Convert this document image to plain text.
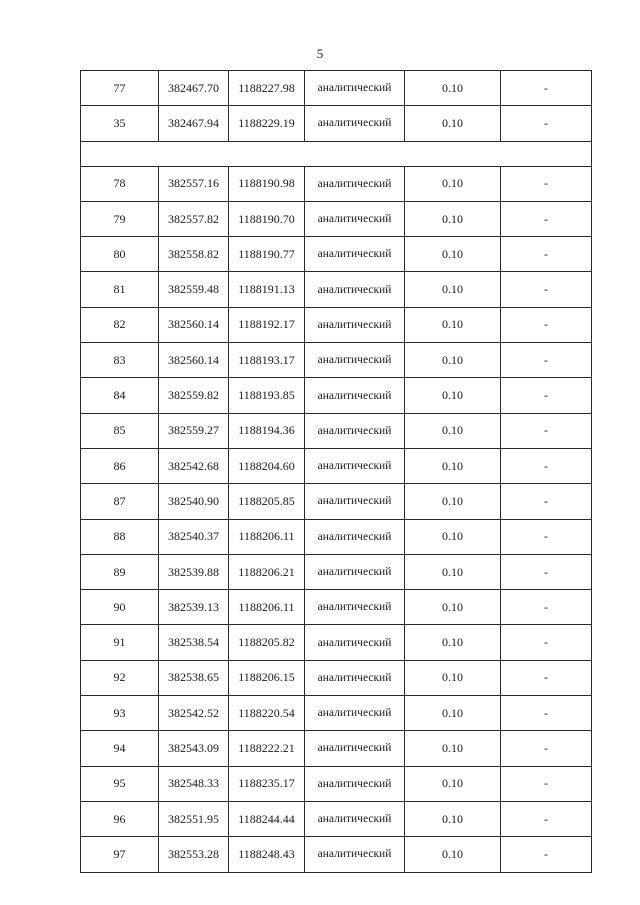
5
77	382467.70	1188227.98	аналитический	0.10	-
35	382467.94	1188229.19	аналитический	0.10	-

78	382557.16	1188190.98	аналитический	0.10	-
79	382557.82	1188190.70	аналитический	0.10	-
80	382558.82	1188190.77	аналитический	0.10	-
81	382559.48	1188191.13	аналитический	0.10	-
82	382560.14	1188192.17	аналитический	0.10	-
83	382560.14	1188193.17	аналитический	0.10	-
84	382559.82	1188193.85	аналитический	0.10	-
85	382559.27	1188194.36	аналитический	0.10	-
86	382542.68	1188204.60	аналитический	0.10	-
87	382540.90	1188205.85	аналитический	0.10	-
88	382540.37	1188206.11	аналитический	0.10	-
89	382539.88	1188206.21	аналитический	0.10	-
90	382539.13	1188206.11	аналитический	0.10	-
91	382538.54	1188205.82	аналитический	0.10	-
92	382538.65	1188206.15	аналитический	0.10	-
93	382542.52	1188220.54	аналитический	0.10	-
94	382543.09	1188222.21	аналитический	0.10	-
95	382548.33	1188235.17	аналитический	0.10	-
96	382551.95	1188244.44	аналитический	0.10	-
97	382553.28	1188248.43	аналитический	0.10	-
